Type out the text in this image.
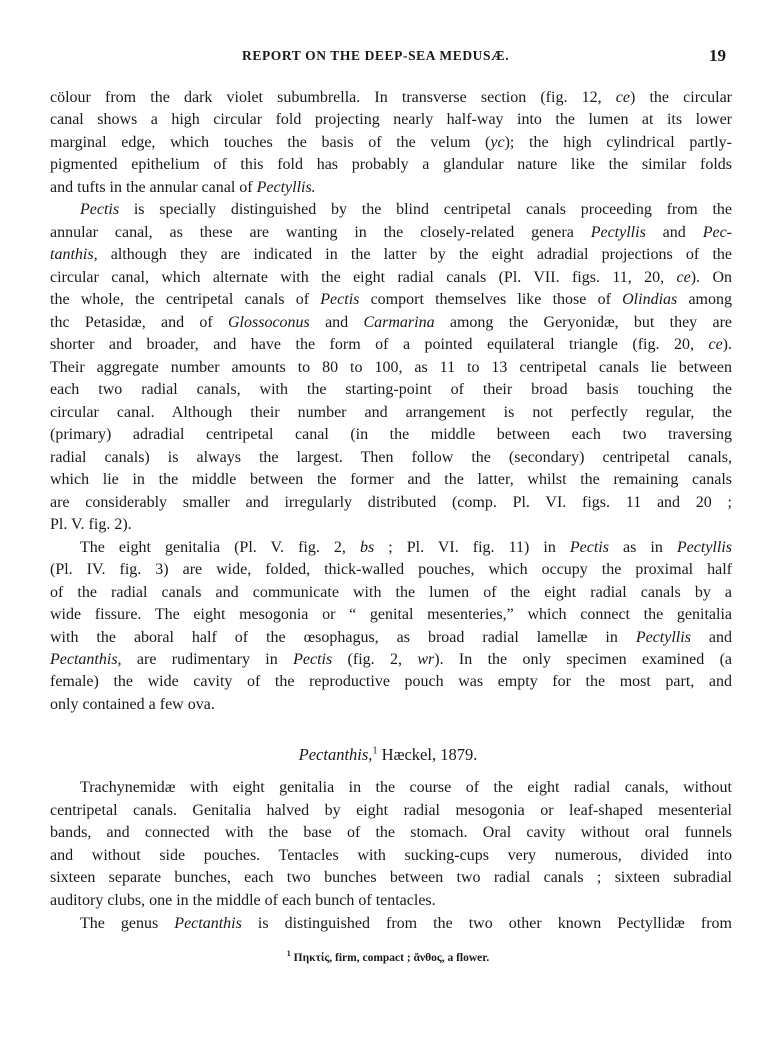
REPORT ON THE DEEP-SEA MEDUSÆ.	19
cölour from the dark violet subumbrella. In transverse section (fig. 12, ce) the circular
canal shows a high circular fold projecting nearly half-way into the lumen at its lower
marginal edge, which touches the basis of the velum (yc); the high cylindrical partly-
pigmented epithelium of this fold has probably a glandular nature like the similar folds
and tufts in the annular canal of Pectyllis.
Pectis is specially distinguished by the blind centripetal canals proceeding from the
annular canal, as these are wanting in the closely-related genera Pectyllis and Pec-
tanthis, although they are indicated in the latter by the eight adradial projections of the
circular canal, which alternate with the eight radial canals (Pl. VII. figs. 11, 20, ce). On
the whole, the centripetal canals of Pectis comport themselves like those of Olindias among
thc Petasidæ, and of Glossoconus and Carmarina among the Geryonidæ, but they are
shorter and broader, and have the form of a pointed equilateral triangle (fig. 20, ce).
Their aggregate number amounts to 80 to 100, as 11 to 13 centripetal canals lie between
each two radial canals, with the starting-point of their broad basis touching the
circular canal. Although their number and arrangement is not perfectly regular, the
(primary) adradial centripetal canal (in the middle between each two traversing
radial canals) is always the largest. Then follow the (secondary) centripetal canals,
which lie in the middle between the former and the latter, whilst the remaining canals
are considerably smaller and irregularly distributed (comp. Pl. VI. figs. 11 and 20 ;
Pl. V. fig. 2).
The eight genitalia (Pl. V. fig. 2, bs ; Pl. VI. fig. 11) in Pectis as in Pectyllis
(Pl. IV. fig. 3) are wide, folded, thick-walled pouches, which occupy the proximal half
of the radial canals and communicate with the lumen of the eight radial canals by a
wide fissure. The eight mesogonia or “ genital mesenteries,” which connect the genitalia
with the aboral half of the œsophagus, as broad radial lamellæ in Pectyllis and
Pectanthis, are rudimentary in Pectis (fig. 2, wr). In the only specimen examined (a
female) the wide cavity of the reproductive pouch was empty for the most part, and
only contained a few ova.
Pectanthis,$^1$ Hæckel, 1879.
Trachynemidæ with eight genitalia in the course of the eight radial canals, without
centripetal canals. Genitalia halved by eight radial mesogonia or leaf-shaped mesenterial
bands, and connected with the base of the stomach. Oral cavity without oral funnels
and without side pouches. Tentacles with sucking-cups very numerous, divided into
sixteen separate bunches, each two bunches between two radial canals ; sixteen subradial
auditory clubs, one in the middle of each bunch of tentacles.
The genus Pectanthis is distinguished from the two other known Pectyllidæ from
$^1$ Πηκτίς, firm, compact ; ἄνθος, a flower.
